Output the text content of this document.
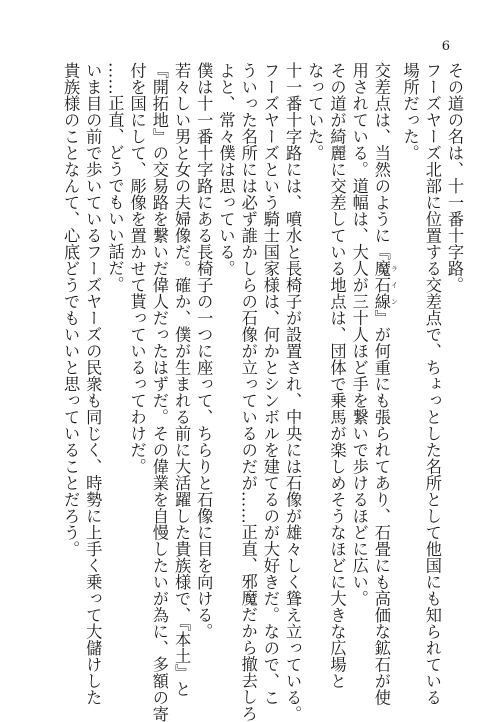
6
その道の名は、十一番十字路。
フーズヤーズ北部に位置する交差点で、ちょっとした名所として他国にも知られている
場所だった。
交差点は、当然のように『魔石線 ライン』が何重にも張られてあり、石畳にも高価な鉱石が使
用されている。道幅は、大人が三十人ほど手を繋いで歩けるほどに広い。
その道が綺麗に交差している地点は、団体で乗馬が楽しめそうなほどに大きな広場と
なっていた。
十一番十字路には、噴水と長椅子が設置され、中央には石像が雄々しく聳え立っている。
フーズヤーズという騎士国家様は、何かとシンボルを建てるのが大好きだ。なので、こ
ういった名所には必ず誰かしらの石像が立っているのだが……正直、邪魔だから撤去しろ
よと、常々僕は思っている。
僕は十一番十字路にある長椅子の一つに座って、ちらりと石像に目を向ける。
若々しい男と女の夫婦像だ。確か、僕が生まれる前に大活躍した貴族様で、『本土』と
『開拓地』の交易路を繋いだ偉人だったはずだ。その偉業を自慢したいが為に、多額の寄
付を国にして、彫像を置かせて貰っているってわけだ。
……正直、どうでもいい話だ。
いま目の前で歩いているフーズヤーズの民衆も同じく、時勢に上手く乗って大儲けした
貴族様のことなんて、心底どうでもいいと思っていることだろう。
